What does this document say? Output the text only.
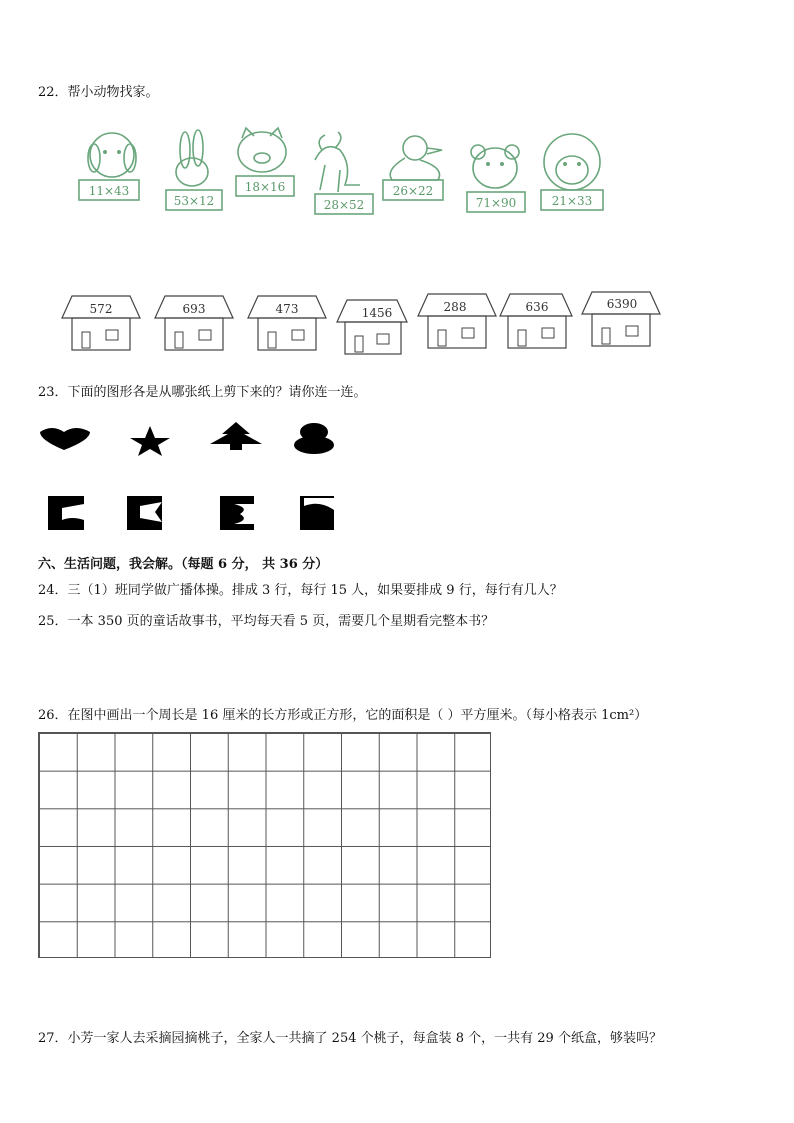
22．帮小动物找家。
11×43
53×12
18×16
28×52
26×22
71×90	21×33
572	693	473	1456	288	636	6390
23．下面的图形各是从哪张纸上剪下来的？请你连一连。
六、生活问题，我会解。（每题 6 分， 共 36 分）
24．三（1）班同学做广播体操。排成 3 行，每行 15 人，如果要排成 9 行，每行有几人？
25．一本 350 页的童话故事书，平均每天看 5 页，需要几个星期看完整本书？
26．在图中画出一个周长是 16 厘米的长方形或正方形，它的面积是（ ）平方厘米。（每小格表示 1cm²）
27．小芳一家人去采摘园摘桃子，全家人一共摘了 254 个桃子，每盒装 8 个，一共有 29 个纸盒，够装吗？
